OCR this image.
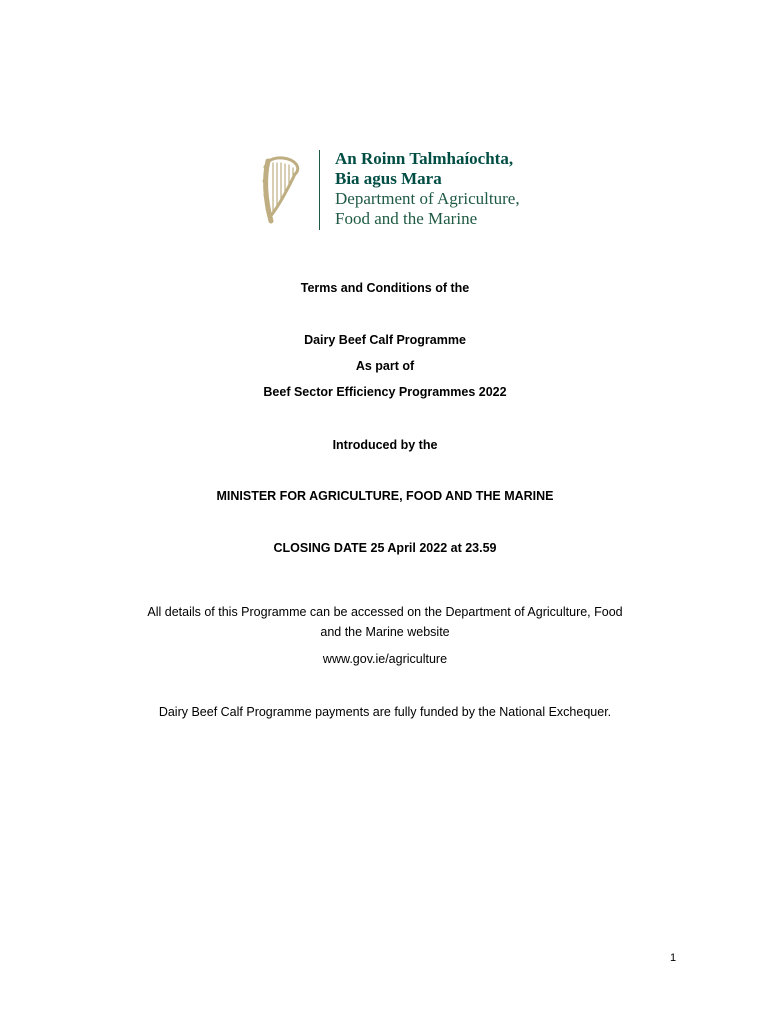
An Roinn Talmhaíochta,
Bia agus Mara
Department of Agriculture,
Food and the Marine
Terms and Conditions of the
Dairy Beef Calf Programme
As part of
Beef Sector Efficiency Programmes 2022
Introduced by the
MINISTER FOR AGRICULTURE, FOOD AND THE MARINE
CLOSING DATE 25 April 2022 at 23.59
All details of this Programme can be accessed on the Department of Agriculture, Food
and the Marine website
www.gov.ie/agriculture
Dairy Beef Calf Programme payments are fully funded by the National Exchequer.
1
